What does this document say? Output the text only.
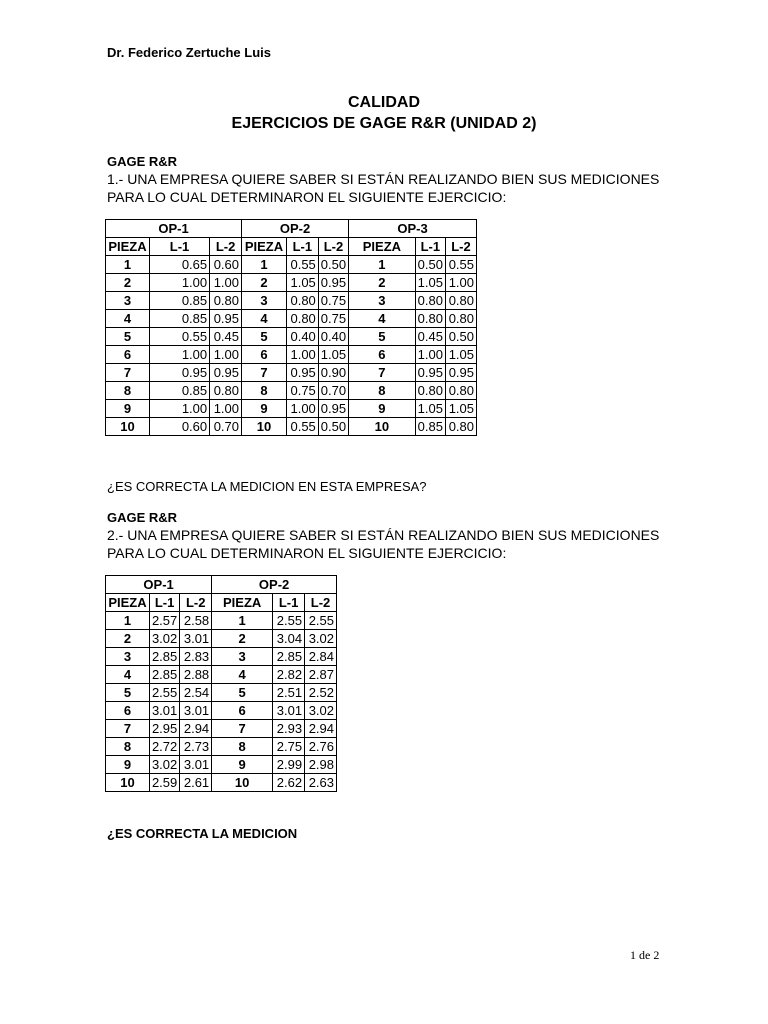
Dr. Federico Zertuche Luis
CALIDAD
EJERCICIOS DE GAGE R&R (UNIDAD 2)
GAGE R&R
1.- UNA EMPRESA QUIERE SABER SI ESTÁN REALIZANDO BIEN SUS MEDICIONES
PARA LO CUAL DETERMINARON EL SIGUIENTE EJERCICIO:
OP-1			OP-2			OP-3		
PIEZA	L-1	L-2	PIEZA	L-1	L-2	PIEZA	L-1	L-2
1	0.65	0.60	1	0.55	0.50	1	0.50	0.55
2	1.00	1.00	2	1.05	0.95	2	1.05	1.00
3	0.85	0.80	3	0.80	0.75	3	0.80	0.80
4	0.85	0.95	4	0.80	0.75	4	0.80	0.80
5	0.55	0.45	5	0.40	0.40	5	0.45	0.50
6	1.00	1.00	6	1.00	1.05	6	1.00	1.05
7	0.95	0.95	7	0.95	0.90	7	0.95	0.95
8	0.85	0.80	8	0.75	0.70	8	0.80	0.80
9	1.00	1.00	9	1.00	0.95	9	1.05	1.05
10	0.60	0.70	10	0.55	0.50	10	0.85	0.80
¿ES CORRECTA LA MEDICION EN ESTA EMPRESA?
GAGE R&R
2.- UNA EMPRESA QUIERE SABER SI ESTÁN REALIZANDO BIEN SUS MEDICIONES
PARA LO CUAL DETERMINARON EL SIGUIENTE EJERCICIO:
OP-1			OP-2		
PIEZA	L-1	L-2	PIEZA	L-1	L-2
1	2.57	2.58	1	2.55	2.55
2	3.02	3.01	2	3.04	3.02
3	2.85	2.83	3	2.85	2.84
4	2.85	2.88	4	2.82	2.87
5	2.55	2.54	5	2.51	2.52
6	3.01	3.01	6	3.01	3.02
7	2.95	2.94	7	2.93	2.94
8	2.72	2.73	8	2.75	2.76
9	3.02	3.01	9	2.99	2.98
10	2.59	2.61	10	2.62	2.63
¿ES CORRECTA LA MEDICION
1 de 2
